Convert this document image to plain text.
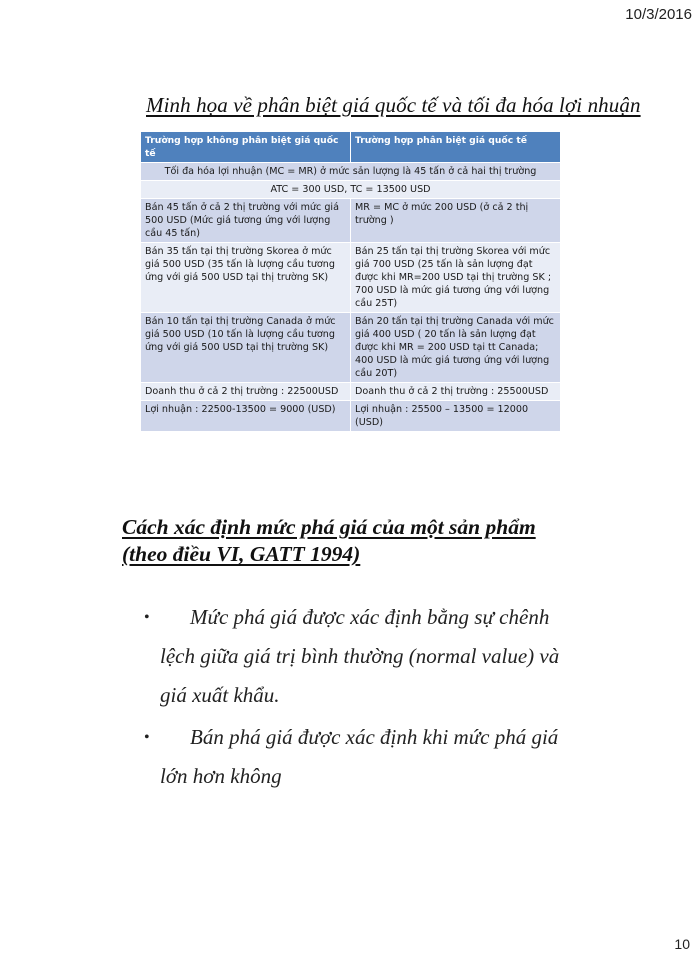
10/3/2016
Minh họa về phân biệt giá quốc tế và tối đa hóa lợi nhuận
Trường hợp không phân biệt giá quốc tế	Trường hợp phân biệt giá quốc tế
Tối đa hóa lợi nhuận (MC = MR) ở mức sản lượng là 45 tấn ở cả hai thị trường	
ATC = 300 USD, TC = 13500 USD	
Bán 45 tấn ở cả 2 thị trường với mức giá 500 USD (Mức giá tương ứng với lượng cầu 45 tấn)	MR = MC ở mức 200 USD (ở cả 2 thị trường )
Bán 35 tấn tại thị trường Skorea ở mức giá 500 USD (35 tấn là lượng cầu tương ứng với giá 500 USD tại thị trường SK)	Bán 25 tấn tại thị trường Skorea với mức giá 700 USD (25 tấn là sản lượng đạt được khi MR=200 USD tại thị trường SK ; 700 USD là mức giá tương ứng với lượng cầu 25T)
Bán 10 tấn tại thị trường Canada ở mức giá 500 USD (10 tấn là lượng cầu tương ứng với giá 500 USD tại thị trường SK)	Bán 20 tấn tại thị trường Canada với mức giá 400 USD ( 20 tấn là sản lượng đạt được khi MR = 200 USD tại tt Canada; 400 USD là mức giá tương ứng với lượng cầu 20T)
Doanh thu ở cả 2 thị trường : 22500USD	Doanh thu ở cả 2 thị trường : 25500USD
Lợi nhuận : 22500-13500 = 9000 (USD)	Lợi nhuận : 25500 – 13500 = 12000 (USD)
Cách xác định mức phá giá của một sản phẩm
(theo điều VI, GATT 1994)
•	Mức phá giá được xác định bằng sự chênh lệch giữa giá trị bình thường (normal value) và giá xuất khẩu.
•	Bán phá giá được xác định khi mức phá giá lớn hơn không
10
